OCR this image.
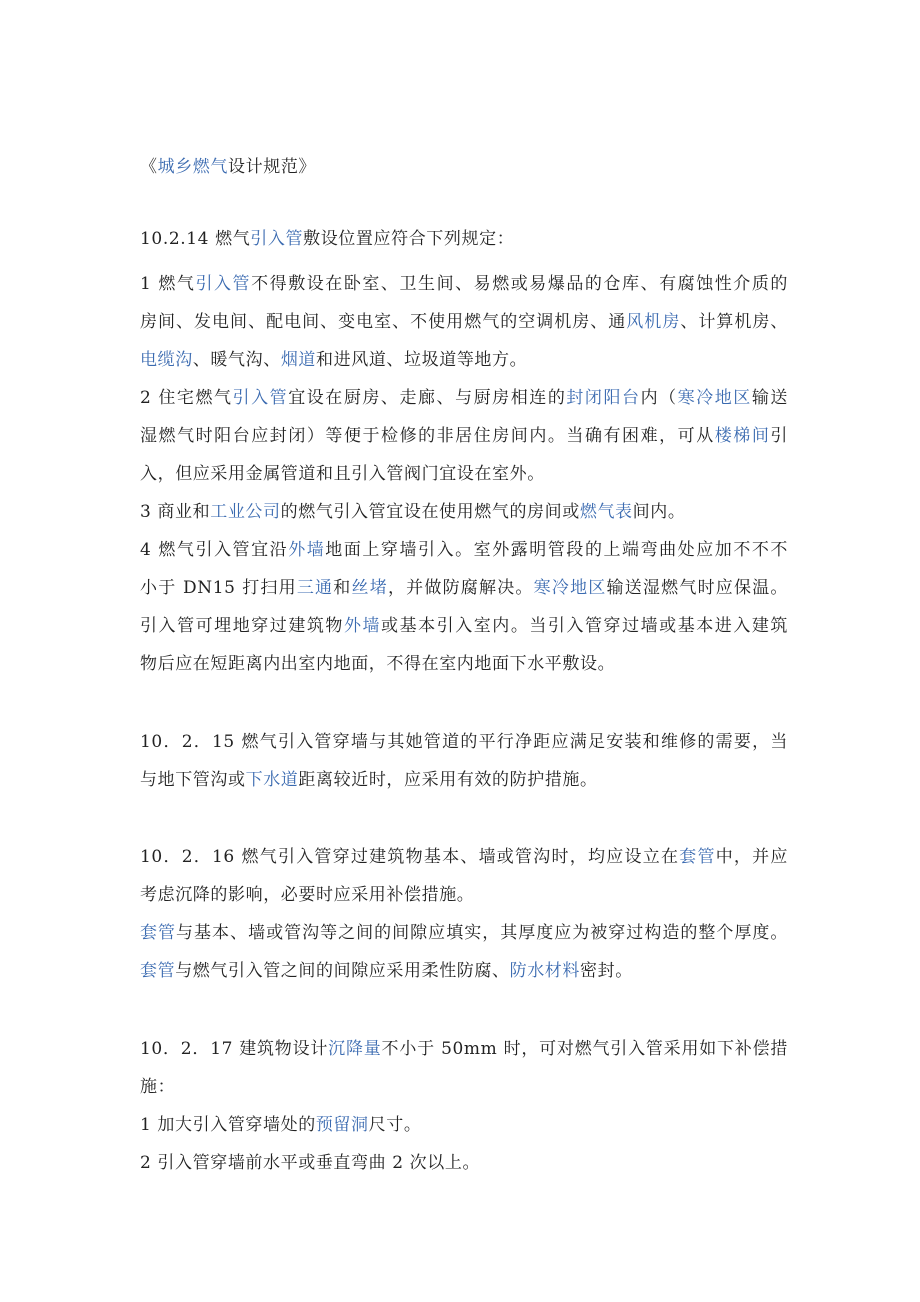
《城乡燃气设计规范》
10.2.14 燃气引入管敷设位置应符合下列规定：
1 燃气引入管不得敷设在卧室、卫生间、易燃或易爆品的仓库、有腐蚀性介质的
房间、发电间、配电间、变电室、不使用燃气的空调机房、通风机房、计算机房、
电缆沟、暖气沟、烟道和进风道、垃圾道等地方。
2 住宅燃气引入管宜设在厨房、走廊、与厨房相连的封闭阳台内（寒冷地区输送
湿燃气时阳台应封闭）等便于检修的非居住房间内。当确有困难，可从楼梯间引
入，但应采用金属管道和且引入管阀门宜设在室外。
3 商业和工业公司的燃气引入管宜设在使用燃气的房间或燃气表间内。
4 燃气引入管宜沿外墙地面上穿墙引入。室外露明管段的上端弯曲处应加不不不
小于 DN15 打扫用三通和丝堵，并做防腐解决。寒冷地区输送湿燃气时应保温。
引入管可埋地穿过建筑物外墙或基本引入室内。当引入管穿过墙或基本进入建筑
物后应在短距离内出室内地面，不得在室内地面下水平敷设。
10．2．15 燃气引入管穿墙与其她管道的平行净距应满足安装和维修的需要，当
与地下管沟或下水道距离较近时，应采用有效的防护措施。
10．2．16 燃气引入管穿过建筑物基本、墙或管沟时，均应设立在套管中，并应
考虑沉降的影响，必要时应采用补偿措施。
套管与基本、墙或管沟等之间的间隙应填实，其厚度应为被穿过构造的整个厚度。
套管与燃气引入管之间的间隙应采用柔性防腐、防水材料密封。
10．2．17 建筑物设计沉降量不小于 50mm 时，可对燃气引入管采用如下补偿措
施：
1 加大引入管穿墙处的预留洞尺寸。
2 引入管穿墙前水平或垂直弯曲 2 次以上。
